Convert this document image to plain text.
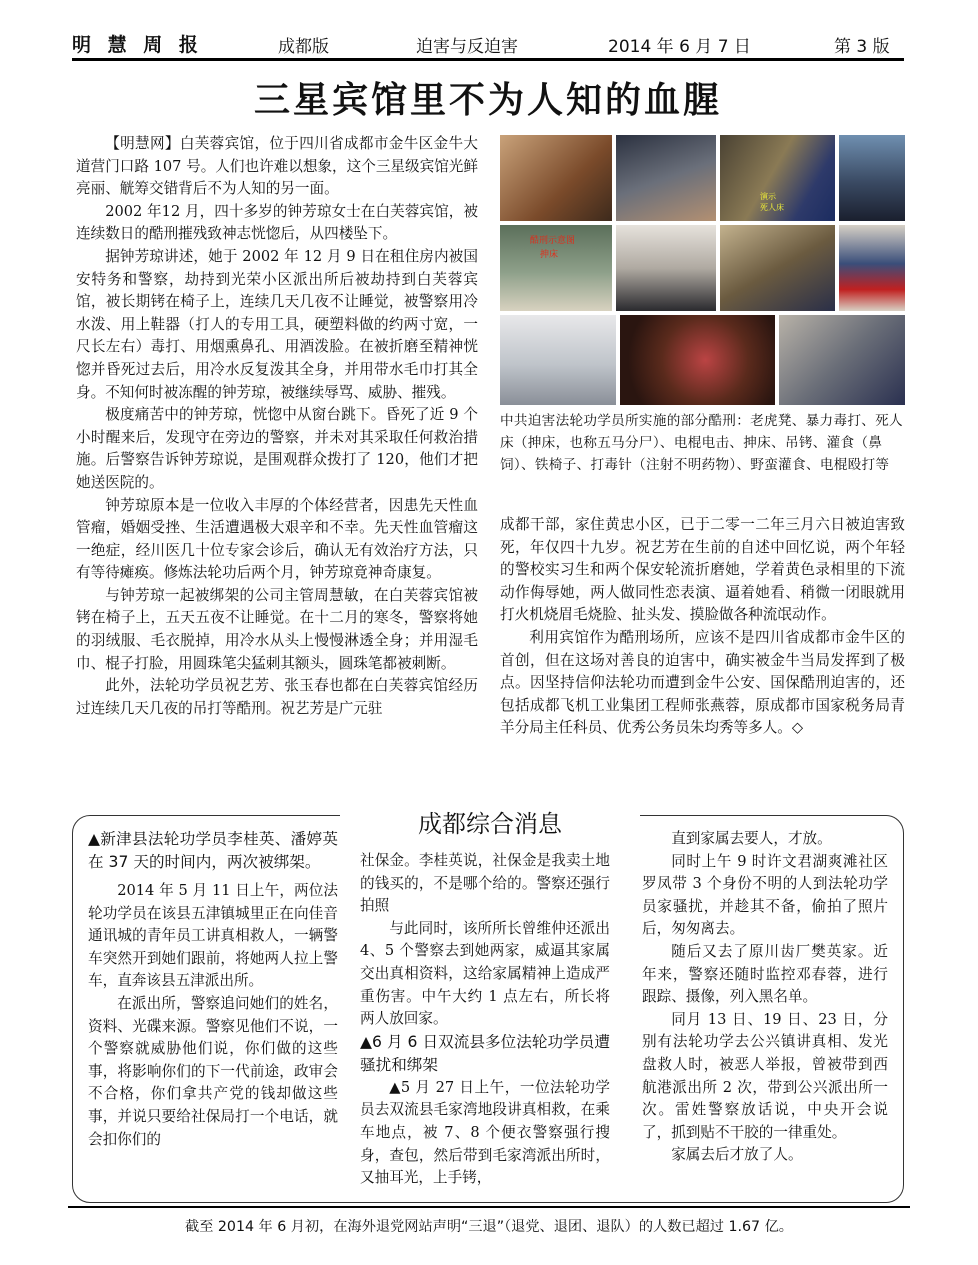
明 慧 周 报	成都版	迫害与反迫害	2014 年 6 月 7 日	第 3 版
三星宾馆里不为人知的血腥

【明慧网】白芙蓉宾馆，位于四川省成都市金牛区金牛大道营门口路 107 号。人们也许难以想象，这个三星级宾馆光鲜亮丽、觥筹交错背后不为人知的另一面。

2002 年12 月，四十多岁的钟芳琼女士在白芙蓉宾馆，被连续数日的酷刑摧残致神志恍惚后，从四楼坠下。

据钟芳琼讲述，她于 2002 年 12 月 9 日在租住房内被国安特务和警察，劫持到光荣小区派出所后被劫持到白芙蓉宾馆，被长期铐在椅子上，连续几天几夜不让睡觉，被警察用冷水泼、用上鞋器（打人的专用工具，硬塑料做的约两寸宽，一尺长左右）毒打、用烟熏鼻孔、用酒泼脸。在被折磨至精神恍惚并昏死过去后，用冷水反复泼其全身，并用带水毛巾打其全身。不知何时被冻醒的钟芳琼，被继续辱骂、威胁、摧残。

极度痛苦中的钟芳琼，恍惚中从窗台跳下。昏死了近 9 个小时醒来后，发现守在旁边的警察，并未对其采取任何救治措施。后警察告诉钟芳琼说，是围观群众拨打了 120，他们才把她送医院的。

钟芳琼原本是一位收入丰厚的个体经营者，因患先天性血管瘤，婚姻受挫、生活遭遇极大艰辛和不幸。先天性血管瘤这一绝症，经川医几十位专家会诊后，确认无有效治疗方法，只有等待瘫痪。修炼法轮功后两个月，钟芳琼竟神奇康复。

与钟芳琼一起被绑架的公司主管周慧敏，在白芙蓉宾馆被铐在椅子上，五天五夜不让睡觉。在十二月的寒冬，警察将她的羽绒服、毛衣脱掉，用冷水从头上慢慢淋透全身；并用湿毛巾、棍子打脸，用圆珠笔尖猛刺其额头，圆珠笔都被刺断。

此外，法轮功学员祝艺芳、张玉春也都在白芙蓉宾馆经历过连续几天几夜的吊打等酷刑。祝艺芳是广元驻

演示
死人床
酷刑示意图
抻床
中共迫害法轮功学员所实施的部分酷刑：老虎凳、暴力毒打、死人床（抻床，也称五马分尸）、电棍电击、抻床、吊铐、灌食（鼻饲）、铁椅子、打毒针（注射不明药物）、野蛮灌食、电棍殴打等

成都干部，家住黄忠小区，已于二零一二年三月六日被迫害致死，年仅四十九岁。祝艺芳在生前的自述中回忆说，两个年轻的警校实习生和两个保安轮流折磨她，学着黄色录相里的下流动作侮辱她，两人做同性恋表演、逼着她看、稍微一闭眼就用打火机烧眉毛烧脸、扯头发、摸脸做各种流氓动作。

利用宾馆作为酷刑场所，应该不是四川省成都市金牛区的首创，但在这场对善良的迫害中，确实被金牛当局发挥到了极点。因坚持信仰法轮功而遭到金牛公安、国保酷刑迫害的，还包括成都飞机工业集团工程师张燕蓉，原成都市国家税务局青羊分局主任科员、优秀公务员朱均秀等多人。◇

成都综合消息
▲新津县法轮功学员李桂英、潘婷英在 37 天的时间内，两次被绑架。

2014 年 5 月 11 日上午，两位法轮功学员在该县五津镇城里正在向佳音通讯城的青年员工讲真相救人，一辆警车突然开到她们跟前，将她两人拉上警车，直奔该县五津派出所。

在派出所，警察追问她们的姓名，资料、光碟来源。警察见他们不说，一个警察就威胁他们说，你们做的这些事，将影响你们的下一代前途，政审会不合格，你们拿共产党的钱却做这些事，并说只要给社保局打一个电话，就会扣你们的

社保金。李桂英说，社保金是我卖土地的钱买的，不是哪个给的。警察还强行拍照

与此同时，该所所长曾维仲还派出 4、5 个警察去到她两家，威逼其家属交出真相资料，这给家属精神上造成严重伤害。中午大约 1 点左右，所长将两人放回家。

▲6 月 6 日双流县多位法轮功学员遭骚扰和绑架

▲5 月 27 日上午，一位法轮功学员去双流县毛家湾地段讲真相救，在乘车地点，被 7、8 个便衣警察强行搜身，查包，然后带到毛家湾派出所时，又抽耳光，上手铐，

直到家属去要人，才放。

同时上午 9 时许文君湖爽滩社区罗凤带 3 个身份不明的人到法轮功学员家骚扰，并趁其不备，偷拍了照片后，匆匆离去。

随后又去了原川齿厂樊英家。近年来，警察还随时监控邓春蓉，进行跟踪、摄像，列入黑名单。

同月 13 日、19 日、23 日，分别有法轮功学去公兴镇讲真相、发光盘救人时，被恶人举报，曾被带到西航港派出所 2 次，带到公兴派出所一次。雷姓警察放话说，中央开会说了，抓到贴不干胶的一律重处。

家属去后才放了人。

截至 2014 年 6 月初，在海外退党网站声明“三退”（退党、退团、退队）的人数已超过 1.67 亿。
